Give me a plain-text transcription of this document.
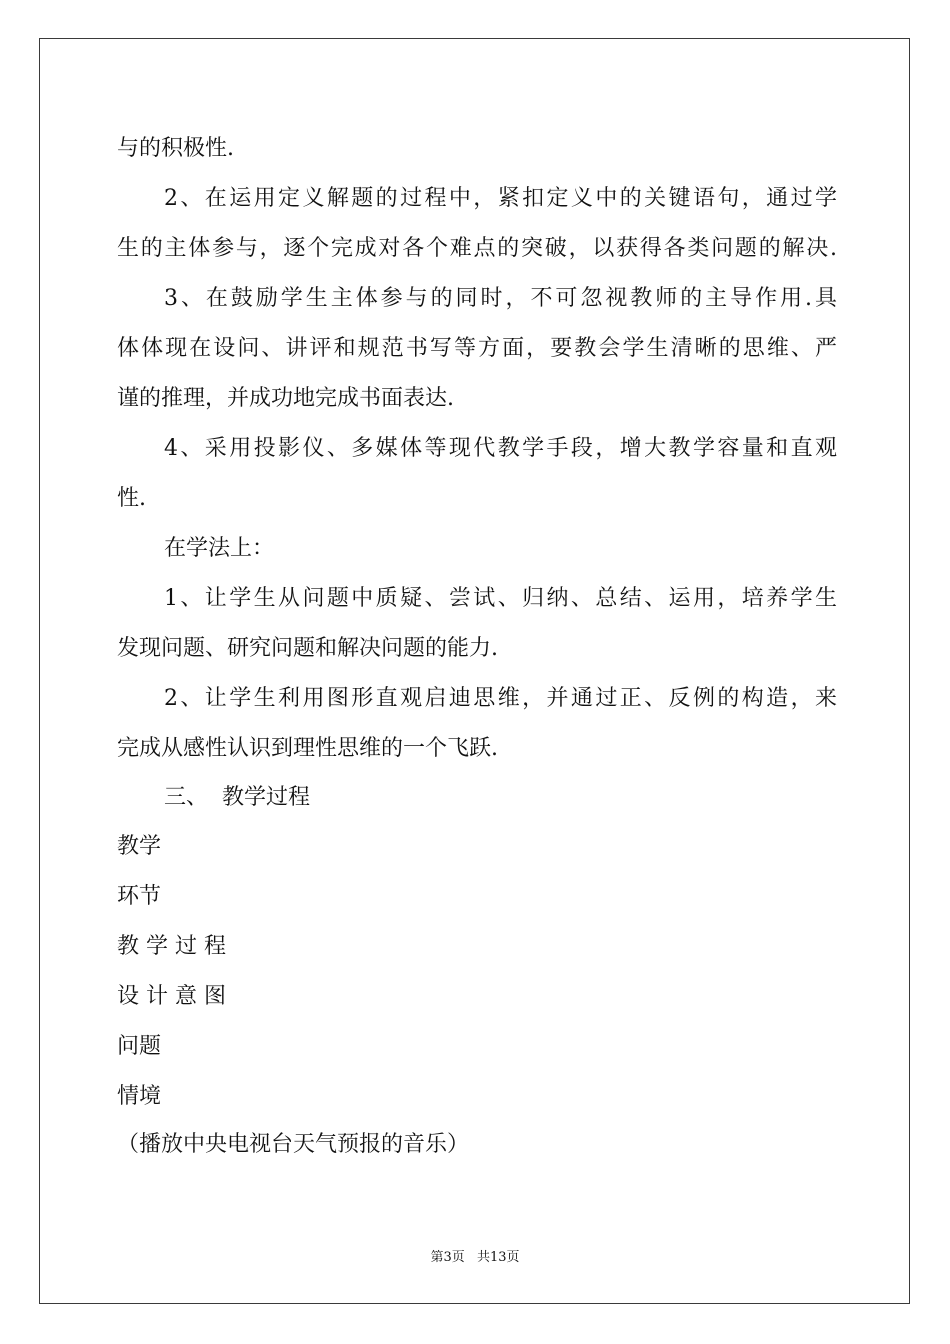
与的积极性.
2、在运用定义解题的过程中，紧扣定义中的关键语句，通过学
生的主体参与，逐个完成对各个难点的突破，以获得各类问题的解决.
3、在鼓励学生主体参与的同时，不可忽视教师的主导作用.具
体体现在设问、讲评和规范书写等方面，要教会学生清晰的思维、严
谨的推理，并成功地完成书面表达.
4、采用投影仪、多媒体等现代教学手段，增大教学容量和直观
性.
在学法上：
1、让学生从问题中质疑、尝试、归纳、总结、运用，培养学生
发现问题、研究问题和解决问题的能力.
2、让学生利用图形直观启迪思维，并通过正、反例的构造，来
完成从感性认识到理性思维的一个飞跃.
三、  教学过程
教学
环节
教 学 过 程
设 计 意 图
问题
情境
（播放中央电视台天气预报的音乐）
第3页 共13页
